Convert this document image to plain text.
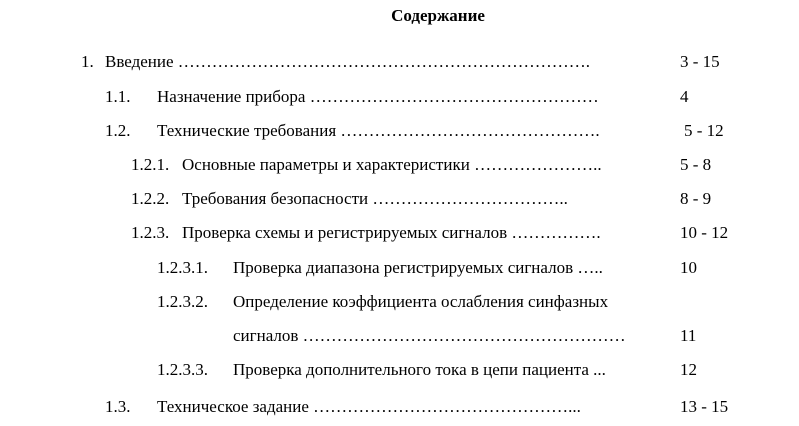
Содержание
1. Введение ……………………………………………………………….	3 - 15
1.1. Назначение прибора ……………………………………………	4
1.2. Технические требования ……………………………………….	5 - 12
1.2.1. Основные параметры и характеристики …………………..	5 - 8
1.2.2. Требования безопасности ……………………………..	8 - 9
1.2.3. Проверка схемы и регистрируемых сигналов …………….	10 - 12
1.2.3.1. Проверка диапазона регистрируемых сигналов …..	10
1.2.3.2. Определение коэффициента ослабления синфазных
сигналов …………………………………………………	11
1.2.3.3. Проверка дополнительного тока в цепи пациента ...	12
1.3. Техническое задание ………………………………………...	13 - 15
